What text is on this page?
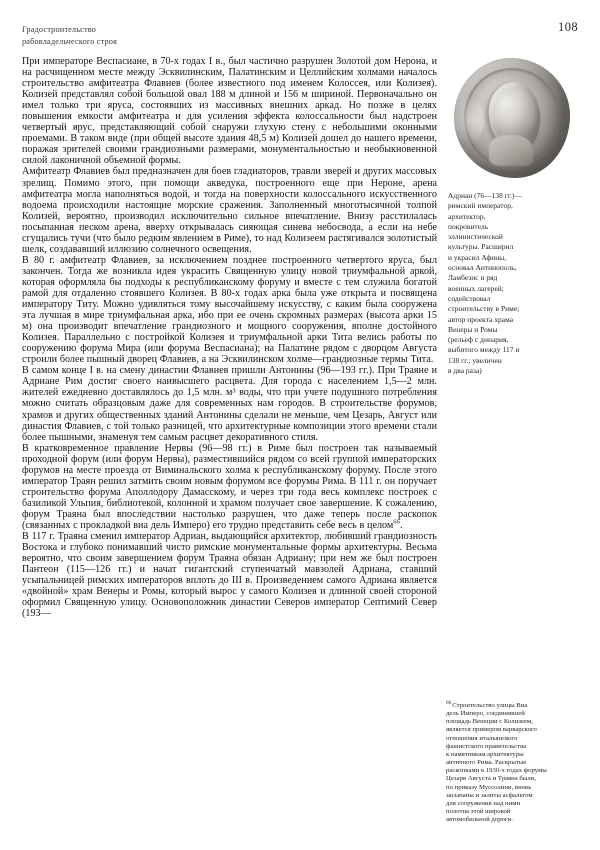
Градостроительство
рабовладельческого строя
108

При императоре Веспасиане, в 70-х годах I в., был частично разрушен Золотой дом Нерона, и на расчищенном месте между Эсквилинским, Палатинским и Целлийским холмами началось строительство амфитеатра Флавиев (более известного под именем Колоссея, или Колизея). Колизей представлял собой большой овал 188 м длиной и 156 м шириной. Первоначально он имел только три яруса, состоявших из массивных внешних аркад. Но позже в целях повышения емкости амфитеатра и для усиления эффекта колоссальности был надстроен четвертый ярус, представляющий собой снаружи глухую стену с небольшими оконными проемами. В таком виде (при общей высоте здания 48,5 м) Колизей дошел до нашего времени, поражая зрителей своими грандиозными размерами, монументальностью и необыкновенной силой лаконичной объемной формы.

Амфитеатр Флавиев был предназначен для боев гладиаторов, травли зверей и других массовых зрелищ. Помимо этого, при помощи акведука, построенного еще при Нероне, арена амфитеатра могла наполняться водой, и тогда на поверхности колоссального искусственного водоема происходили настоящие морские сражения. Заполненный многотысячной толпой Колизей, вероятно, производил исключительно сильное впечатление. Внизу расстилалась посыпанная песком арена, вверху открывалась сияющая синева небосвода, а если на небе сгущались тучи (что было редким явлением в Риме), то над Колизеем растягивался золотистый шелк, создававший иллюзию солнечного освещения.

В 80 г. амфитеатр Флавиев, за исключением позднее построенного четвертого яруса, был закончен. Тогда же возникла идея украсить Священную улицу новой триумфальной аркой, которая оформляла бы подходы к республиканскому форуму и вместе с тем служила богатой рамой для отдаленно стоявшего Колизея. В 80-х годах арка была уже открыта и посвящена императору Титу. Можно удивляться тому высочайшему искусству, с каким была сооружена эта лучшая в мире триумфальная арка, ибо при ее очень скромных размерах (высота арки 15 м) она производит впечатление грандиозного и мощного сооружения, вполне достойного Колизея. Параллельно с постройкой Колизея и триумфальной арки Тита велись работы по сооружению форума Мира (или форума Веспасиана); на Палатине рядом с дворцом Августа строили более пышный дворец Флавиев, а на Эсквилинском холме—грандиозные термы Тита.

В самом конце I в. на смену династии Флавиев пришли Антонины (96—193 гг.). При Траяне и Адриане Рим достиг своего наивысшего расцвета. Для города с населением 1,5—2 млн. жителей ежедневно доставлялось до 1,5 млн. м³ воды, что при учете подушного потребления можно считать образцовым даже для современных нам городов. В строительстве форумов, храмов и других общественных зданий Антонины сделали не меньше, чем Цезарь, Август или династия Флавиев, с той только разницей, что архитектурные композиции этого времени стали более пышными, знаменуя тем самым расцвет декоративного стиля.

В кратковременное правление Нервы (96—98 гг.) в Риме был построен так называемый проходной форум (или форум Нервы), разместившийся рядом со всей группой императорских форумов на месте проезда от Виминальского холма к республиканскому форуму. После этого император Траян решил затмить своим новым форумом все форумы Рима. В 111 г. он поручает строительство форума Аполлодору Дамасскому, и через три года весь комплекс построек с базиликой Ульпия, библиотекой, колонной и храмом получает свое завершение. К сожалению, форум Траяна был впоследствии настолько разрушен, что даже теперь после раскопок (связанных с прокладкой виа дель Имперо) его трудно представить себе весь в целом$^{66}$.

В 117 г. Траяна сменил император Адриан, выдающийся архитектор, любивший грандиозность Востока и глубоко понимавший чисто римские монументальные формы архитектуры. Весьма вероятно, что своим завершением форум Траяна обязан Адриану; при нем же был построен Пантеон (115—126 гг.) и начат гигантский ступенчатый мавзолей Адриана, ставший усыпальницей римских императоров вплоть до III в. Произведением самого Адриана является «двойной» храм Венеры и Ромы, который вырос у самого Колизея и длинной своей стороной оформил Священную улицу. Основоположник династии Северов император Септимий Север (193—

Адриан (76—138 гг.)—
римский император,
архитектор,
покровитель
эллинистической
культуры. Расширил
и украсил Афины,
основал Антинополь,
Ламбезис и ряд
военных лагерей;
содействовал
строительству в Риме;
автор проекта храма
Венеры и Ромы
(рельеф с динария,
выбитого между 117 и
138 гг.; увеличен
в два раза)
$^{66}$Строительство улицы Виа
дель Имперо, соединившей
площадь Венеции с Колизеем,
является примером варварского
отношения итальянского
фашистского правительства
к памятникам архитектуры
античного Рима. Раскрытые
раскопками в 1930-х годах форумы
Цезаря Августа и Траяна были,
по приказу Муссолини, вновь
засыпаны и залиты асфальтом
для сооружения над ними
полотна этой широкой
автомобильной дороги.
